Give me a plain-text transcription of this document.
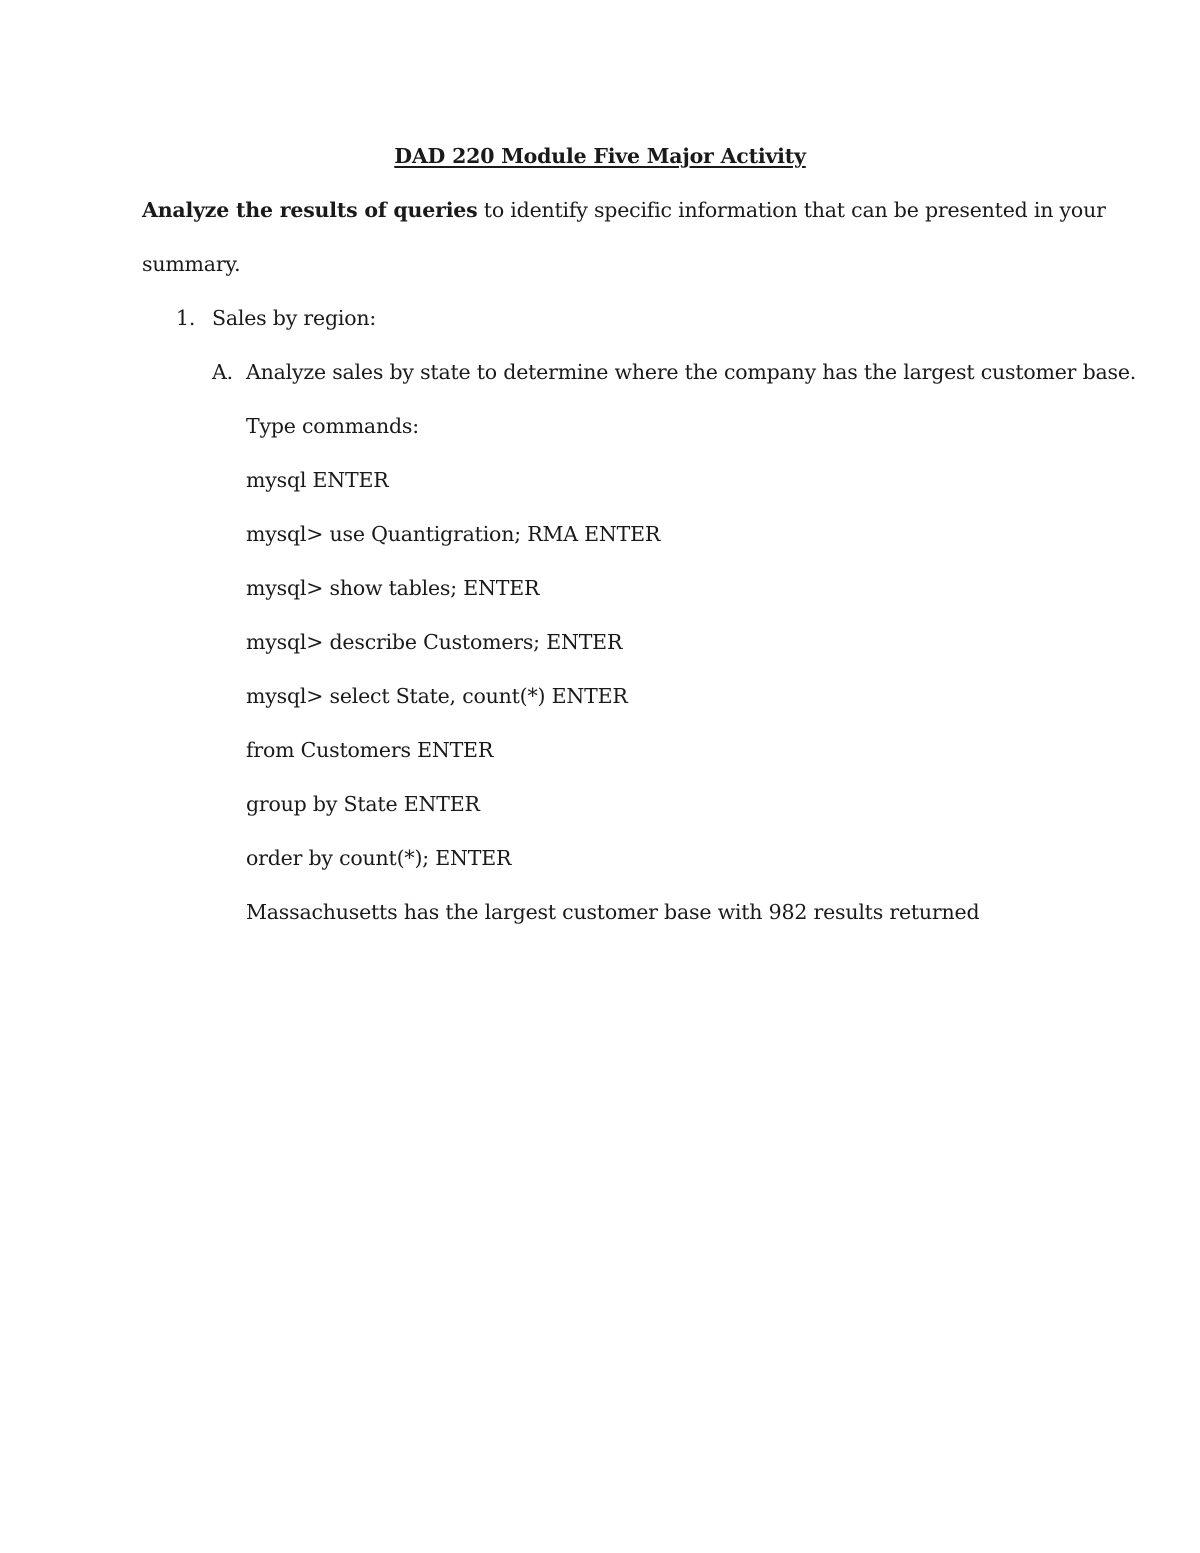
DAD 220 Module Five Major Activity
Analyze the results of queries to identify specific information that can be presented in your
summary.
1. Sales by region:
A. Analyze sales by state to determine where the company has the largest customer base.
Type commands:
mysql ENTER
mysql> use Quantigration; RMA ENTER
mysql> show tables; ENTER
mysql> describe Customers; ENTER
mysql> select State, count(*) ENTER
from Customers ENTER
group by State ENTER
order by count(*); ENTER
Massachusetts has the largest customer base with 982 results returned
